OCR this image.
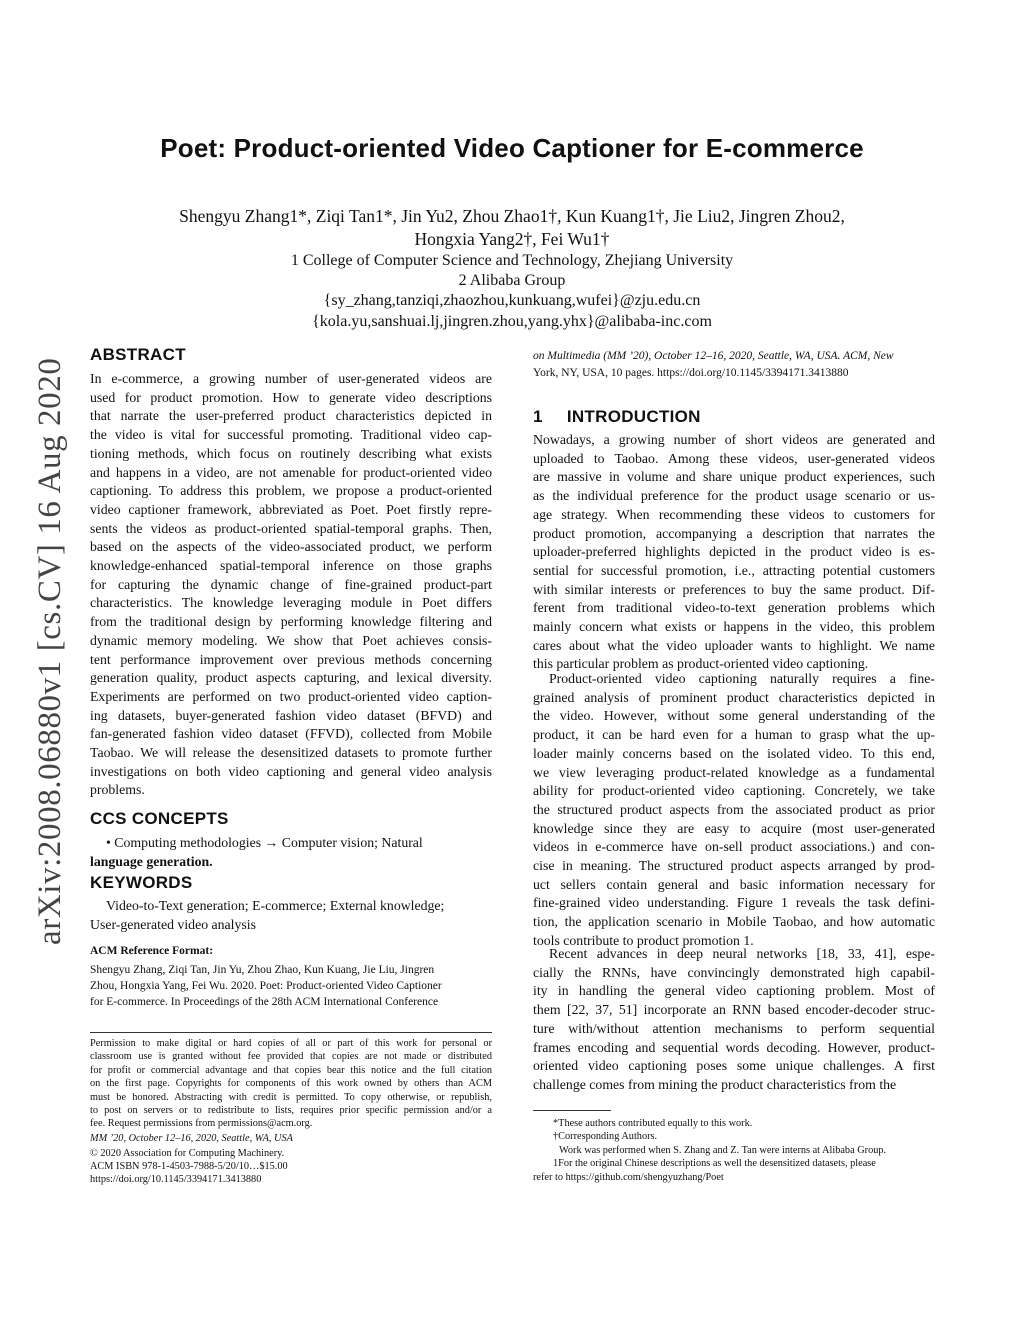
Poet: Product-oriented Video Captioner for E-commerce
Shengyu Zhang1*, Ziqi Tan1*, Jin Yu2, Zhou Zhao1†, Kun Kuang1†, Jie Liu2, Jingren Zhou2,
Hongxia Yang2†, Fei Wu1†
1 College of Computer Science and Technology, Zhejiang University
2 Alibaba Group
{sy_zhang,tanziqi,zhaozhou,kunkuang,wufei}@zju.edu.cn
{kola.yu,sanshuai.lj,jingren.zhou,yang.yhx}@alibaba-inc.com
arXiv:2008.06880v1 [cs.CV] 16 Aug 2020
ABSTRACT
In e-commerce, a growing number of user-generated videos are
used for product promotion. How to generate video descriptions
that narrate the user-preferred product characteristics depicted in
the video is vital for successful promoting. Traditional video cap-
tioning methods, which focus on routinely describing what exists
and happens in a video, are not amenable for product-oriented video
captioning. To address this problem, we propose a product-oriented
video captioner framework, abbreviated as Poet. Poet firstly repre-
sents the videos as product-oriented spatial-temporal graphs. Then,
based on the aspects of the video-associated product, we perform
knowledge-enhanced spatial-temporal inference on those graphs
for capturing the dynamic change of fine-grained product-part
characteristics. The knowledge leveraging module in Poet differs
from the traditional design by performing knowledge filtering and
dynamic memory modeling. We show that Poet achieves consis-
tent performance improvement over previous methods concerning
generation quality, product aspects capturing, and lexical diversity.
Experiments are performed on two product-oriented video caption-
ing datasets, buyer-generated fashion video dataset (BFVD) and
fan-generated fashion video dataset (FFVD), collected from Mobile
Taobao. We will release the desensitized datasets to promote further
investigations on both video captioning and general video analysis
problems.
CCS CONCEPTS
• Computing methodologies → Computer vision; Natural
language generation.
KEYWORDS
Video-to-Text generation; E-commerce; External knowledge;
User-generated video analysis
ACM Reference Format:
Shengyu Zhang, Ziqi Tan, Jin Yu, Zhou Zhao, Kun Kuang, Jie Liu, Jingren
Zhou, Hongxia Yang, Fei Wu. 2020. Poet: Product-oriented Video Captioner
for E-commerce. In Proceedings of the 28th ACM International Conference
Permission to make digital or hard copies of all or part of this work for personal or
classroom use is granted without fee provided that copies are not made or distributed
for profit or commercial advantage and that copies bear this notice and the full citation
on the first page. Copyrights for components of this work owned by others than ACM
must be honored. Abstracting with credit is permitted. To copy otherwise, or republish,
to post on servers or to redistribute to lists, requires prior specific permission and/or a
fee. Request permissions from permissions@acm.org.
MM ’20, October 12–16, 2020, Seattle, WA, USA
© 2020 Association for Computing Machinery.
ACM ISBN 978-1-4503-7988-5/20/10…$15.00
https://doi.org/10.1145/3394171.3413880
on Multimedia (MM ’20), October 12–16, 2020, Seattle, WA, USA. ACM, New
York, NY, USA, 10 pages. https://doi.org/10.1145/3394171.3413880
1 INTRODUCTION
Nowadays, a growing number of short videos are generated and
uploaded to Taobao. Among these videos, user-generated videos
are massive in volume and share unique product experiences, such
as the individual preference for the product usage scenario or us-
age strategy. When recommending these videos to customers for
product promotion, accompanying a description that narrates the
uploader-preferred highlights depicted in the product video is es-
sential for successful promotion, i.e., attracting potential customers
with similar interests or preferences to buy the same product. Dif-
ferent from traditional video-to-text generation problems which
mainly concern what exists or happens in the video, this problem
cares about what the video uploader wants to highlight. We name
this particular problem as product-oriented video captioning.
Product-oriented video captioning naturally requires a fine-
grained analysis of prominent product characteristics depicted in
the video. However, without some general understanding of the
product, it can be hard even for a human to grasp what the up-
loader mainly concerns based on the isolated video. To this end,
we view leveraging product-related knowledge as a fundamental
ability for product-oriented video captioning. Concretely, we take
the structured product aspects from the associated product as prior
knowledge since they are easy to acquire (most user-generated
videos in e-commerce have on-sell product associations.) and con-
cise in meaning. The structured product aspects arranged by prod-
uct sellers contain general and basic information necessary for
fine-grained video understanding. Figure 1 reveals the task defini-
tion, the application scenario in Mobile Taobao, and how automatic
tools contribute to product promotion 1.
Recent advances in deep neural networks [18, 33, 41], espe-
cially the RNNs, have convincingly demonstrated high capabil-
ity in handling the general video captioning problem. Most of
them [22, 37, 51] incorporate an RNN based encoder-decoder struc-
ture with/without attention mechanisms to perform sequential
frames encoding and sequential words decoding. However, product-
oriented video captioning poses some unique challenges. A first
challenge comes from mining the product characteristics from the
*These authors contributed equally to this work.
†Corresponding Authors.
Work was performed when S. Zhang and Z. Tan were interns at Alibaba Group.
1For the original Chinese descriptions as well the desensitized datasets, please
refer to https://github.com/shengyuzhang/Poet
